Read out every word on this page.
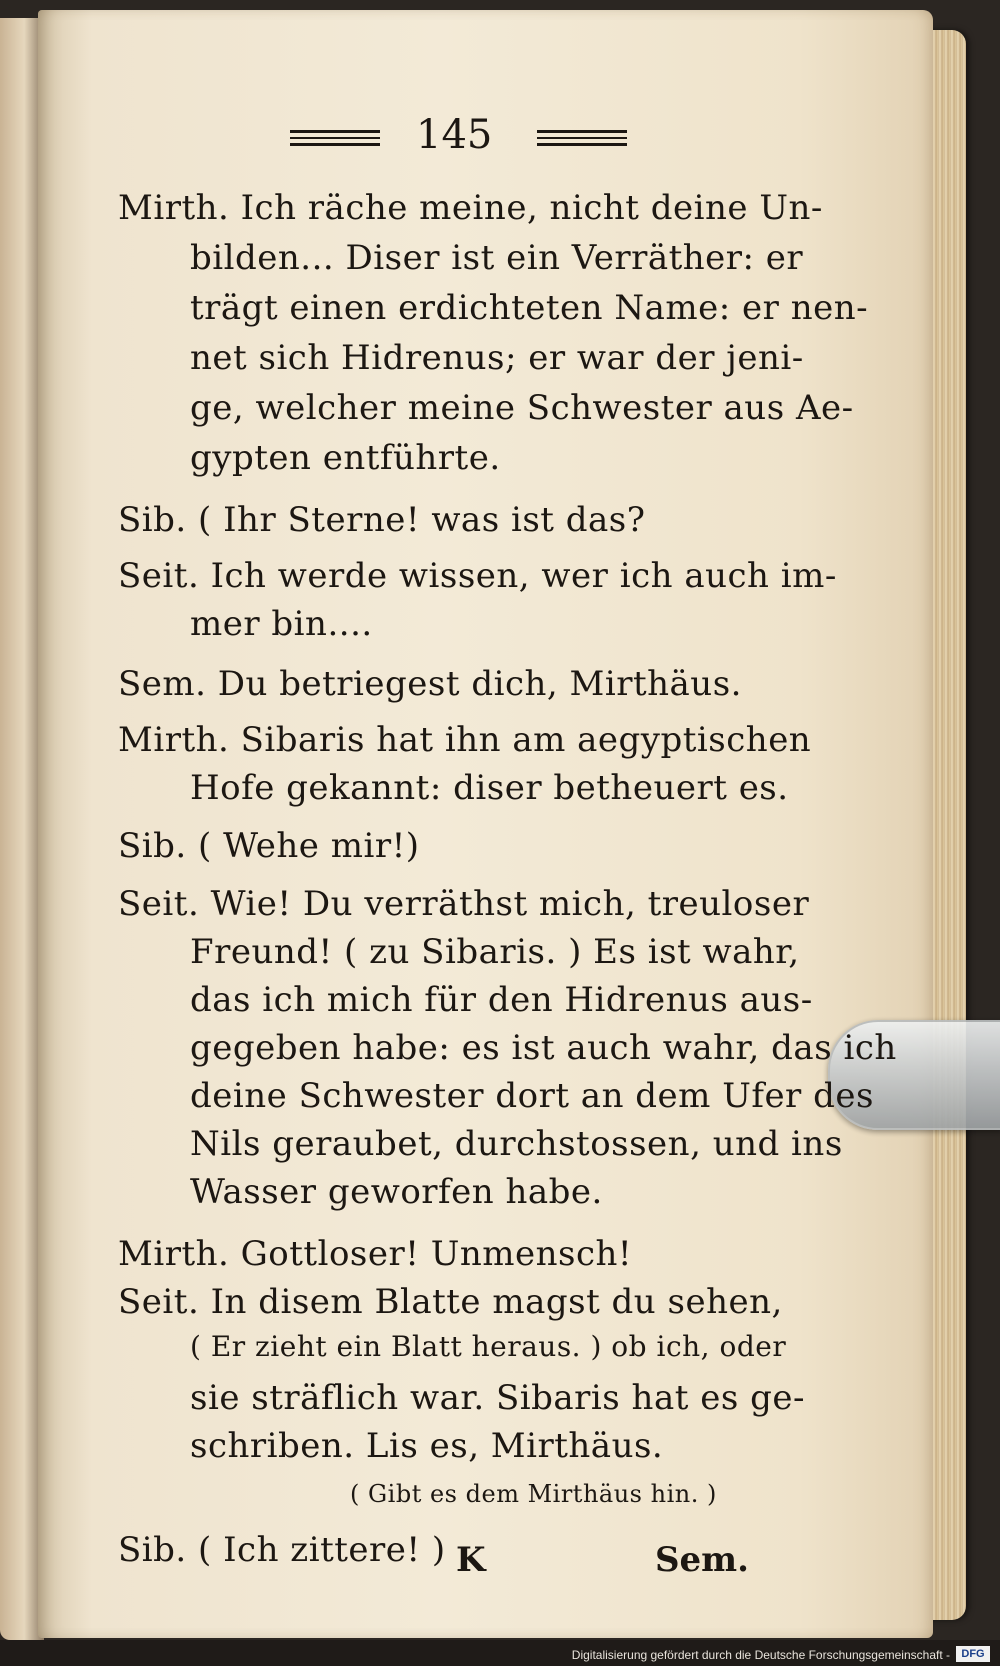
145
Mirth. Ich räche meine, nicht deine Un-
bilden... Diser ist ein Verräther: er
trägt einen erdichteten Name: er nen-
net sich Hidrenus; er war der jeni-
ge, welcher meine Schwester aus Ae-
gypten entführte.
Sib. ( Ihr Sterne! was ist das?
Seit. Ich werde wissen, wer ich auch im-
mer bin....
Sem. Du betriegest dich, Mirthäus.
Mirth. Sibaris hat ihn am aegyptischen
Hofe gekannt: diser betheuert es.
Sib. ( Wehe mir!)
Seit. Wie! Du verräthst mich, treuloser
Freund! ( zu Sibaris. ) Es ist wahr,
das ich mich für den Hidrenus aus-
gegeben habe: es ist auch wahr, das ich
deine Schwester dort an dem Ufer des
Nils geraubet, durchstossen, und ins
Wasser geworfen habe.
Mirth. Gottloser! Unmensch!
Seit. In disem Blatte magst du sehen,
( Er zieht ein Blatt heraus. ) ob ich, oder
sie sträflich war. Sibaris hat es ge-
schriben. Lis es, Mirthäus.
( Gibt es dem Mirthäus hin. )
Digitalisierung gefördert durch die Deutsche Forschungsgemeinschaft -	DFG
Sib. ( Ich zittere! ) K	Sem.
